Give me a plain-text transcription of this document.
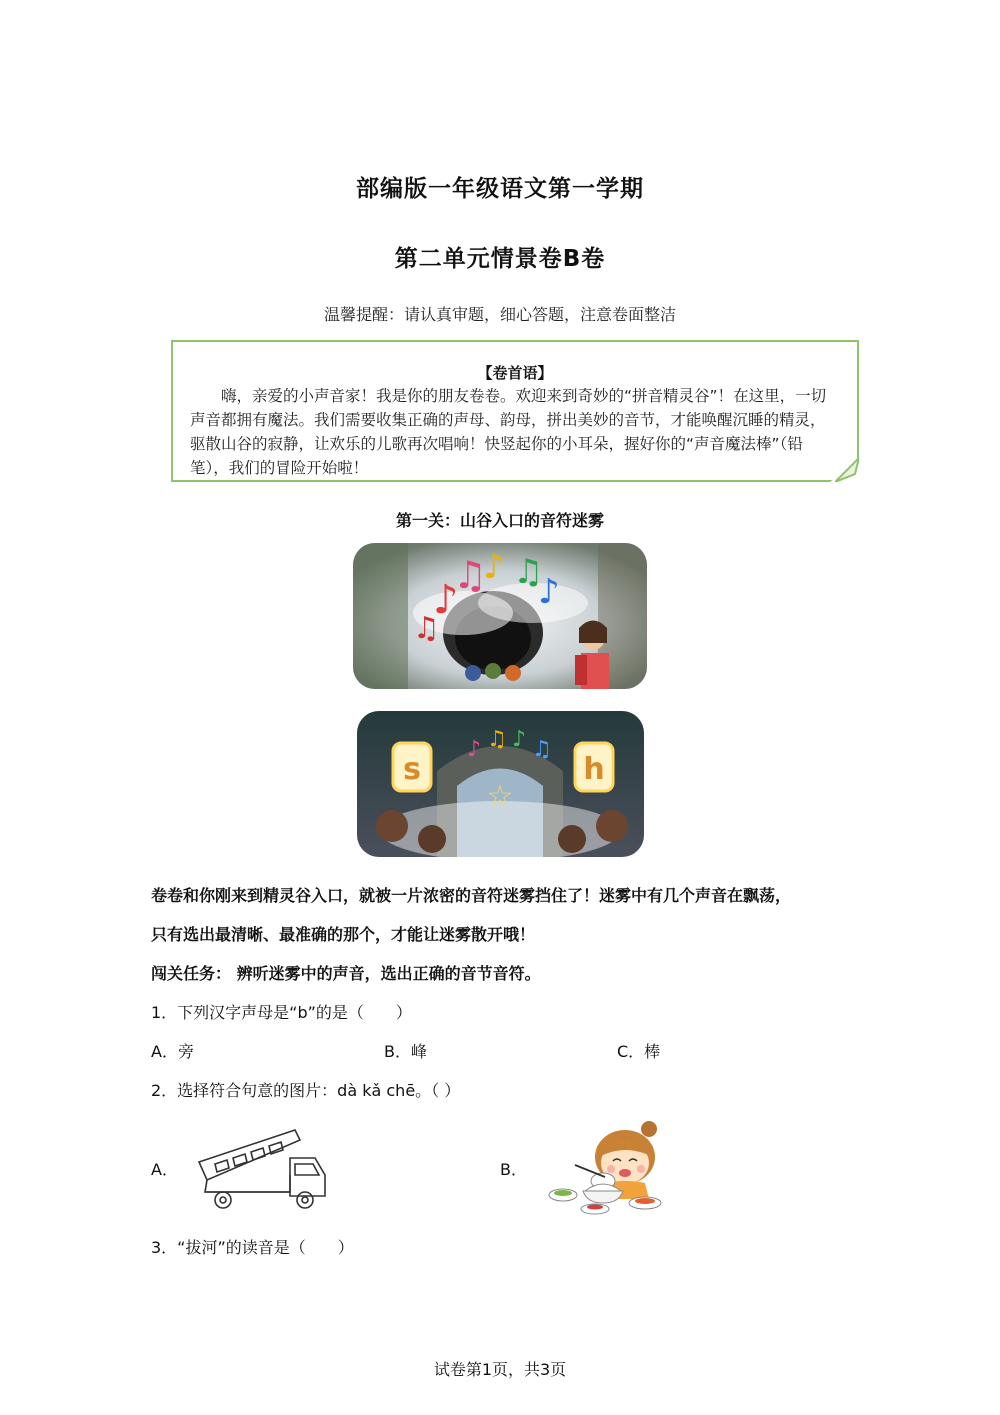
部编版一年级语文第一学期
第二单元情景卷B卷
温馨提醒：请认真审题，细心答题，注意卷面整洁
【卷首语】
嗨，亲爱的小声音家！我是你的朋友卷卷。欢迎来到奇妙的“拼音精灵谷”！在这里，一切声音都拥有魔法。我们需要收集正确的声母、韵母，拼出美妙的音节，才能唤醒沉睡的精灵，驱散山谷的寂静，让欢乐的儿歌再次唱响！快竖起你的小耳朵，握好你的“声音魔法棒”（铅笔），我们的冒险开始啦！
第一关：山谷入口的音符迷雾
♪
♫
♪ ♫
♪
♫
☆
♪ ♫ ♪ ♫
s	h
卷卷和你刚来到精灵谷入口，就被一片浓密的音符迷雾挡住了！迷雾中有几个声音在飘荡，
只有选出最清晰、最准确的那个，才能让迷雾散开哦！
闯关任务： 辨听迷雾中的声音，选出正确的音节音符。
1．下列汉字声母是“b”的是（　　）
A．旁	B．峰	C．棒
2．选择符合句意的图片：dà kǎ chē。（ ）
A．	B．
3．“拔河”的读音是（　　）
试卷第1页，共3页
